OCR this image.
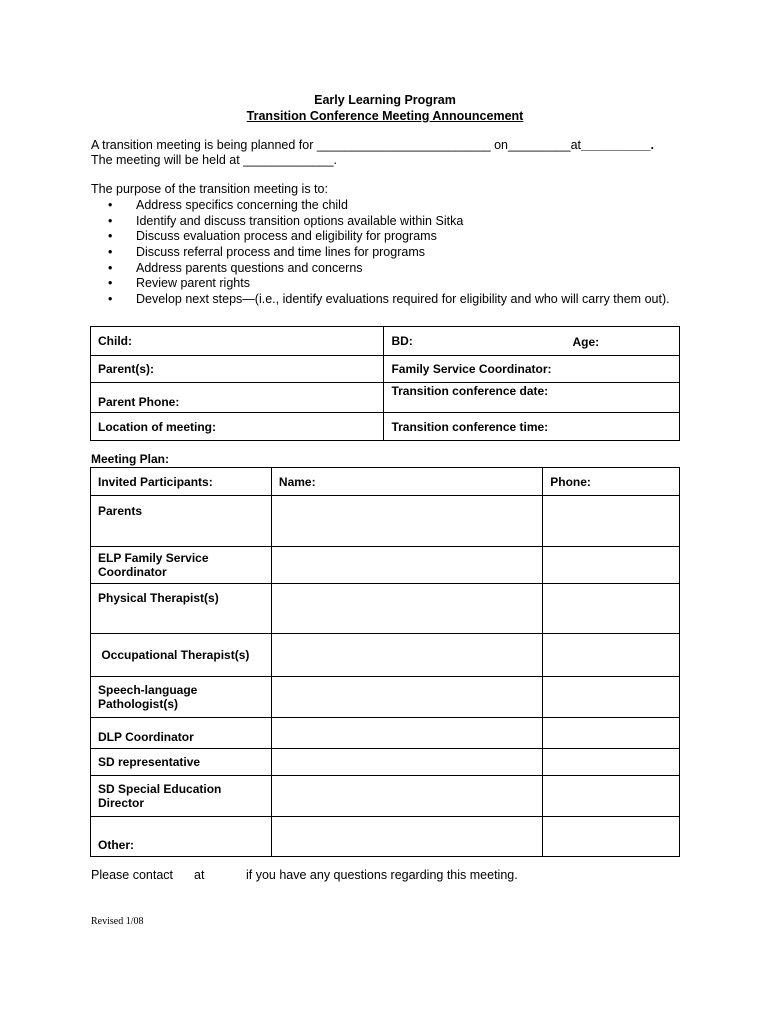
Early Learning Program
Transition Conference Meeting Announcement
A transition meeting is being planned for _________________________ on_________at__________.
The meeting will be held at _____________.
The purpose of the transition meeting is to:
• Address specifics concerning the child
• Identify and discuss transition options available within Sitka
• Discuss evaluation process and eligibility for programs
• Discuss referral process and time lines for programs
• Address parents questions and concerns
• Review parent rights
• Develop next steps—(i.e., identify evaluations required for eligibility and who will carry them out).
Child:	BD: Age:

Parent(s):	Family Service Coordinator:
Parent Phone:	Transition conference date:
Location of meeting:	Transition conference time:
Meeting Plan:
Invited Participants:	Name:	Phone:
Parents		
ELP Family Service Coordinator		
Physical Therapist(s)		
Occupational Therapist(s)		
Speech-language Pathologist(s)		
DLP Coordinator		
SD representative		
SD Special Education Director		
Other:		
Please contact at	if you have any questions regarding this meeting.
Revised 1/08
